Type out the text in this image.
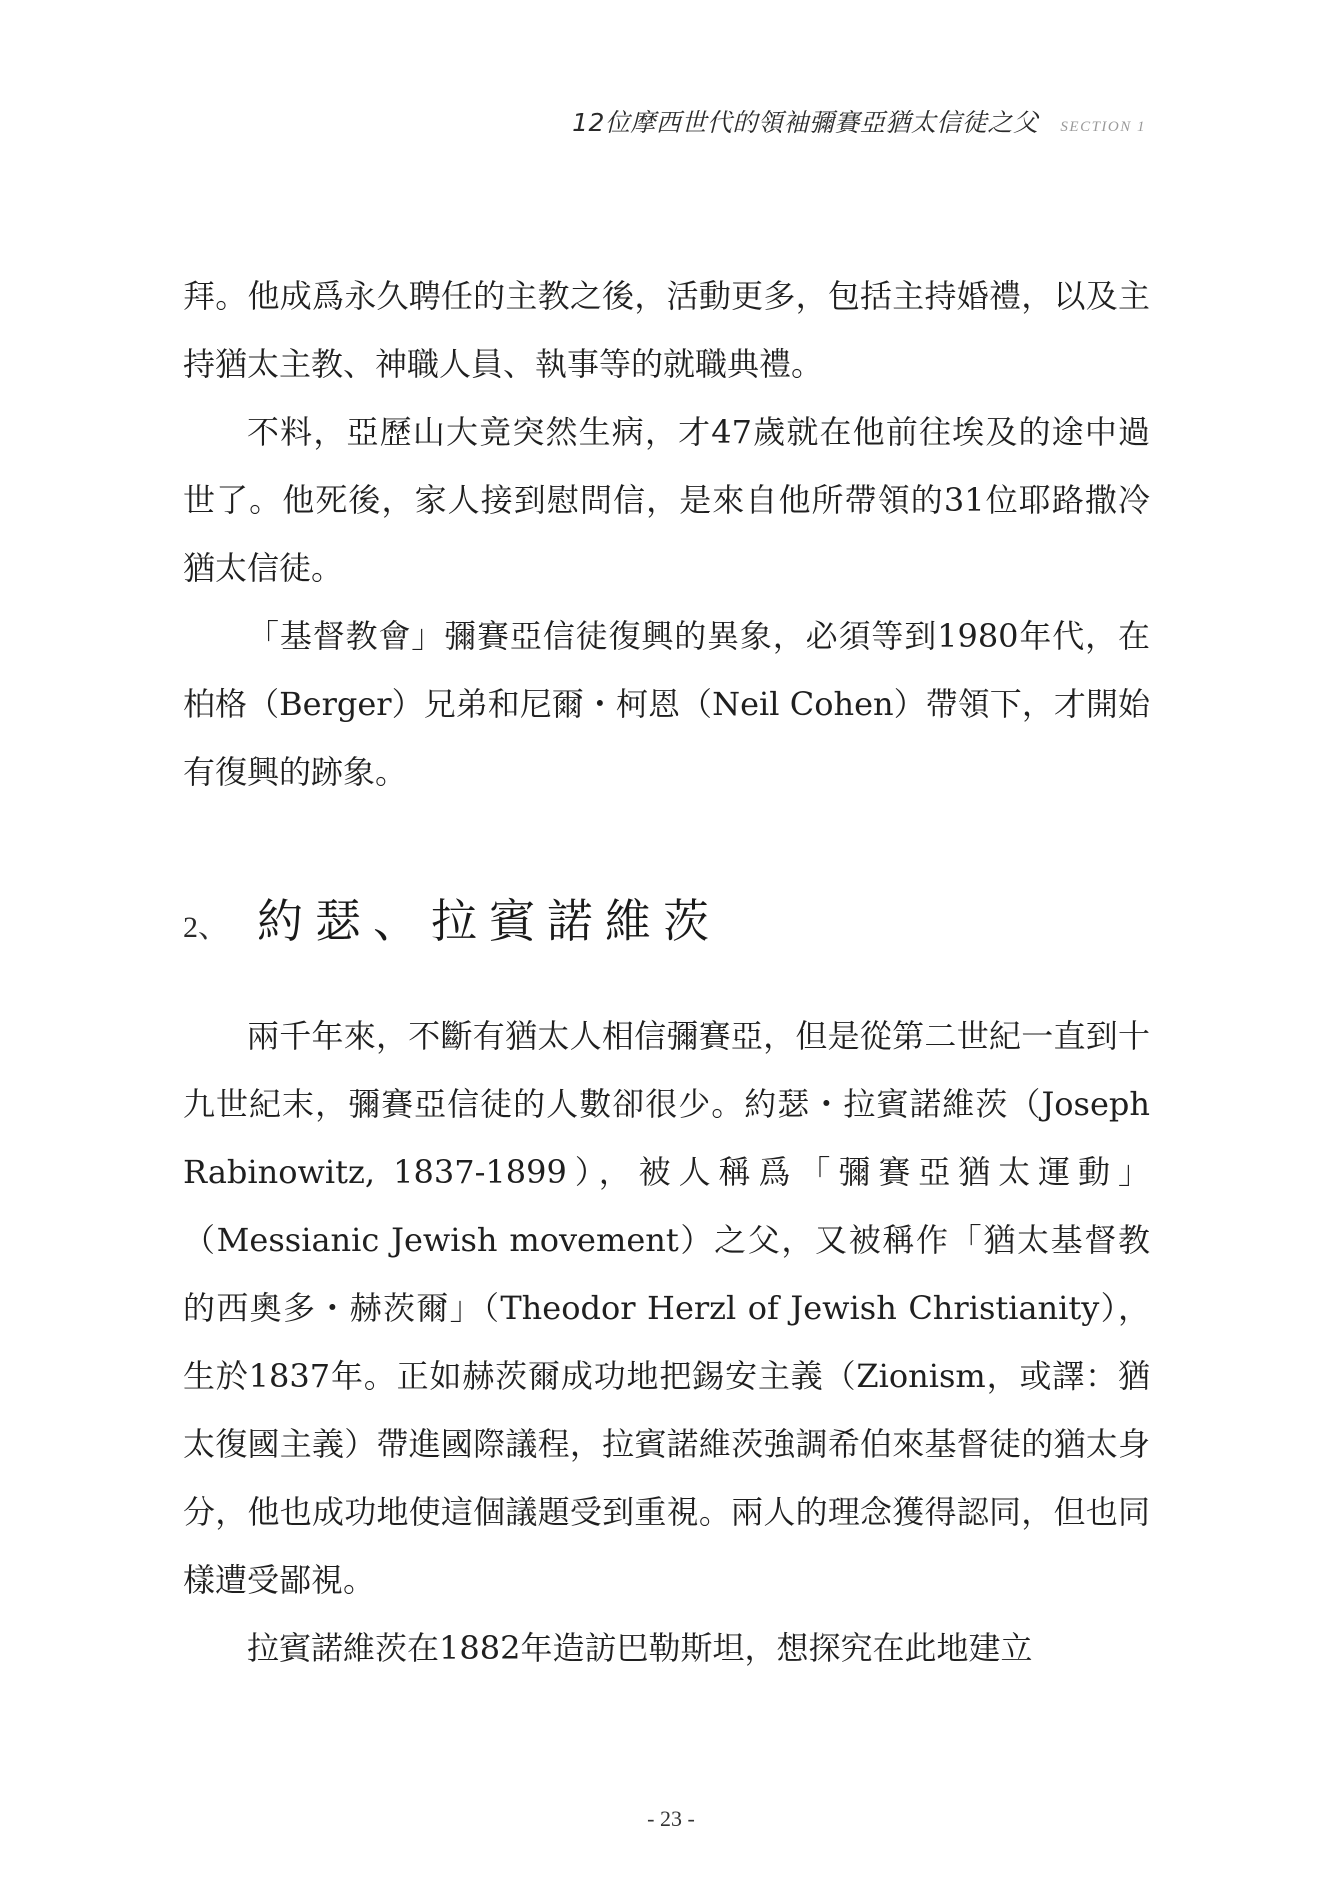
12位摩西世代的領袖彌賽亞猶太信徒之父 SECTION 1

拜。他成爲永久聘任的主教之後，活動更多，包括主持婚禮，以及主持猶太主教、神職人員、執事等的就職典禮。

不料，亞歷山大竟突然生病，才47歲就在他前往埃及的途中過世了。他死後，家人接到慰問信，是來自他所帶領的31位耶路撒冷猶太信徒。

「基督教會」彌賽亞信徒復興的異象，必須等到1980年代，在柏格（Berger）兄弟和尼爾・柯恩（Neil Cohen）帶領下，才開始有復興的跡象。

2、 約瑟、拉賓諾維茨

兩千年來，不斷有猶太人相信彌賽亞，但是從第二世紀一直到十九世紀末，彌賽亞信徒的人數卻很少。約瑟・拉賓諾維茨（Joseph Rabinowitz, 1837-1899），被人稱爲「彌賽亞猶太運動」（Messianic Jewish movement）之父，又被稱作「猶太基督教的西奧多・赫茨爾」（Theodor Herzl of Jewish Christianity），生於1837年。正如赫茨爾成功地把錫安主義（Zionism，或譯：猶太復國主義）帶進國際議程，拉賓諾維茨強調希伯來基督徒的猶太身分，他也成功地使這個議題受到重視。兩人的理念獲得認同，但也同樣遭受鄙視。

拉賓諾維茨在1882年造訪巴勒斯坦，想探究在此地建立

- 23 -
